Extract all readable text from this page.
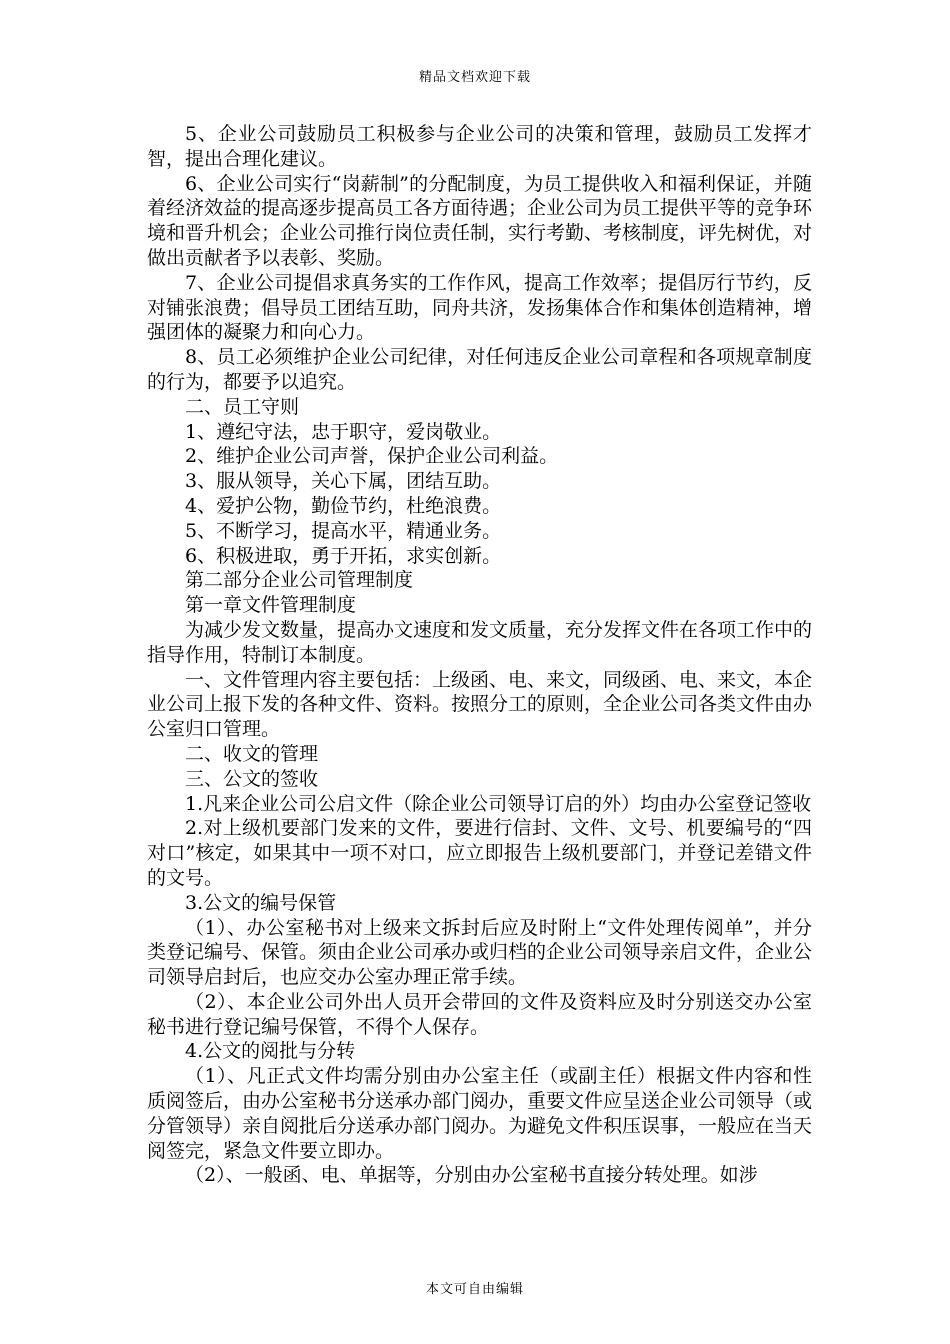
精品文档欢迎下载

5、企业公司鼓励员工积极参与企业公司的决策和管理，鼓励员工发挥才智，提出合理化建议。

6、企业公司实行“岗薪制”的分配制度，为员工提供收入和福利保证，并随着经济效益的提高逐步提高员工各方面待遇；企业公司为员工提供平等的竞争环境和晋升机会；企业公司推行岗位责任制，实行考勤、考核制度，评先树优，对做出贡献者予以表彰、奖励。

7、企业公司提倡求真务实的工作作风，提高工作效率；提倡厉行节约，反对铺张浪费；倡导员工团结互助，同舟共济，发扬集体合作和集体创造精神，增强团体的凝聚力和向心力。

8、员工必须维护企业公司纪律，对任何违反企业公司章程和各项规章制度的行为，都要予以追究。

二、员工守则

1、遵纪守法，忠于职守，爱岗敬业。

2、维护企业公司声誉，保护企业公司利益。

3、服从领导，关心下属，团结互助。

4、爱护公物，勤俭节约，杜绝浪费。

5、不断学习，提高水平，精通业务。

6、积极进取，勇于开拓，求实创新。

第二部分企业公司管理制度

第一章文件管理制度

为减少发文数量，提高办文速度和发文质量，充分发挥文件在各项工作中的指导作用，特制订本制度。

一、文件管理内容主要包括：上级函、电、来文，同级函、电、来文，本企业公司上报下发的各种文件、资料。按照分工的原则，全企业公司各类文件由办公室归口管理。

二、收文的管理

三、公文的签收

1.凡来企业公司公启文件（除企业公司领导订启的外）均由办公室登记签收

2.对上级机要部门发来的文件，要进行信封、文件、文号、机要编号的“四对口”核定，如果其中一项不对口，应立即报告上级机要部门，并登记差错文件的文号。

3.公文的编号保管

（1）、办公室秘书对上级来文拆封后应及时附上“文件处理传阅单”，并分类登记编号、保管。须由企业公司承办或归档的企业公司领导亲启文件，企业公司领导启封后，也应交办公室办理正常手续。

（2）、本企业公司外出人员开会带回的文件及资料应及时分别送交办公室秘书进行登记编号保管，不得个人保存。

4.公文的阅批与分转

（1）、凡正式文件均需分别由办公室主任（或副主任）根据文件内容和性质阅签后，由办公室秘书分送承办部门阅办，重要文件应呈送企业公司领导（或分管领导）亲自阅批后分送承办部门阅办。为避免文件积压误事，一般应在当天阅签完，紧急文件要立即办。

（2）、一般函、电、单据等，分别由办公室秘书直接分转处理。如涉

本文可自由编辑
